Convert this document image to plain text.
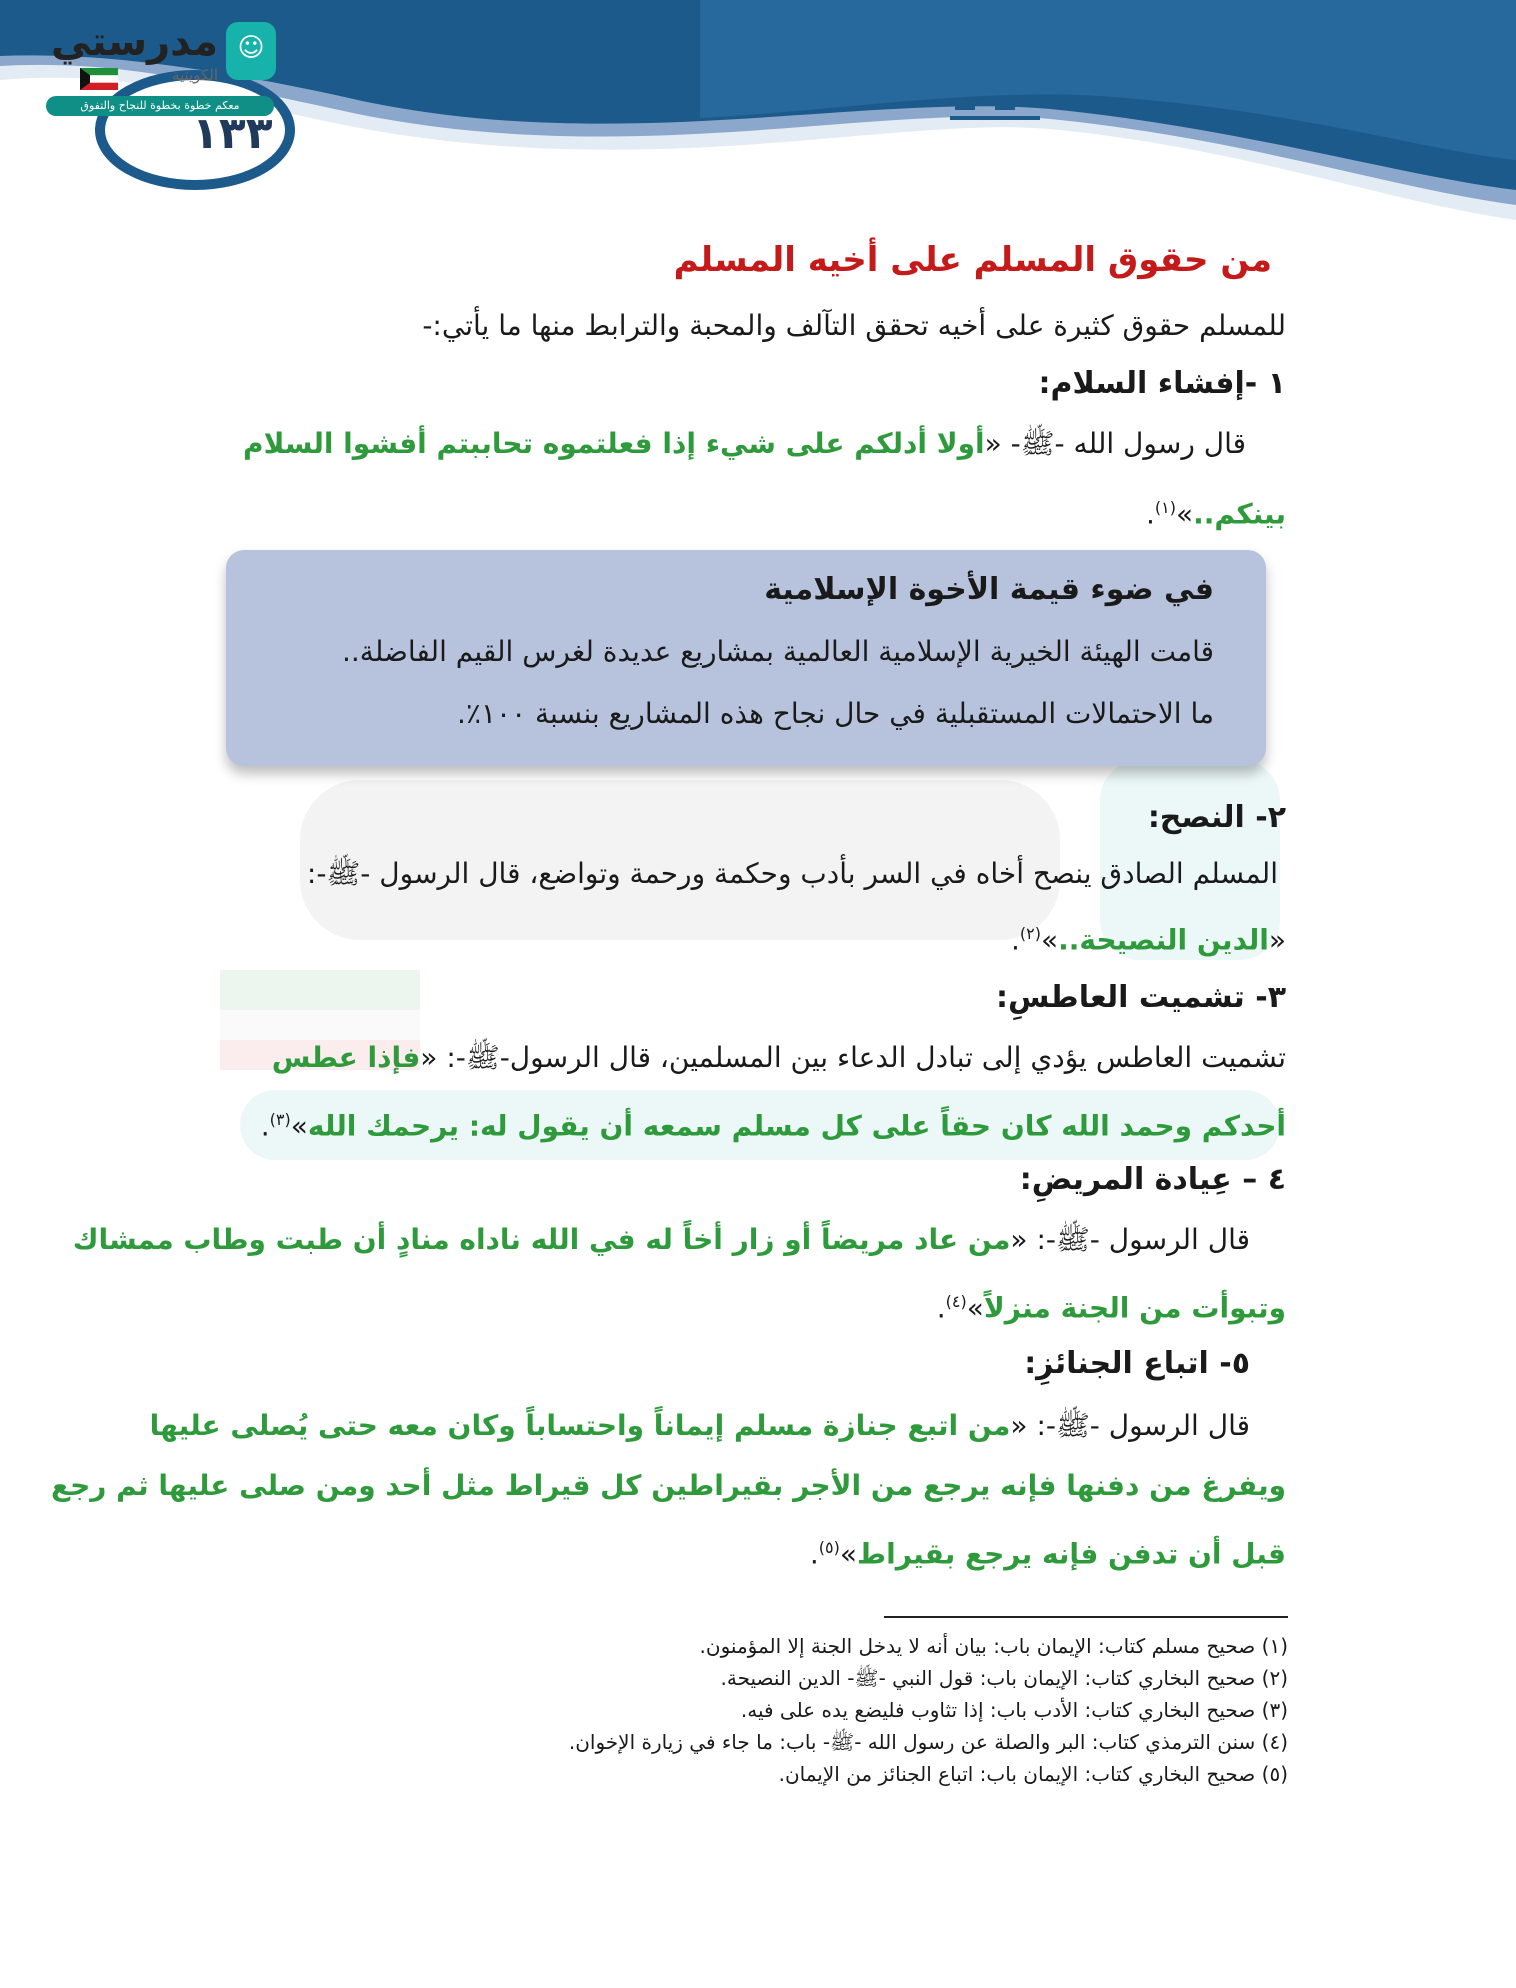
☺
مدرستي
الكويتية
معكم خطوة بخطوة للنجاح والتفوق
١٣٣
من حقوق المسلم على أخيه المسلم
للمسلم حقوق كثيرة على أخيه تحقق التآلف والمحبة والترابط منها ما يأتي:-
١ -إفشاء السلام:
قال رسول الله -ﷺ- «أولا أدلكم على شيء إذا فعلتموه تحاببتم أفشوا السلام
بينكم..»$^{(١)}$.
٢- النصح:
المسلم الصادق ينصح أخاه في السر بأدب وحكمة ورحمة وتواضع، قال الرسول -ﷺ-:
«الدين النصيحة..»$^{(٢)}$.
٣- تشميت العاطسِ:
تشميت العاطس يؤدي إلى تبادل الدعاء بين المسلمين، قال الرسول-ﷺ-: «فإذا عطس
أحدكم وحمد الله كان حقاً على كل مسلم سمعه أن يقول له: يرحمك الله»$^{(٣)}$.
٤ – عِيادة المريضِ:
قال الرسول -ﷺ-: «من عاد مريضاً أو زار أخاً له في الله ناداه منادٍ أن طبت وطاب ممشاك
وتبوأت من الجنة منزلاً»$^{(٤)}$.
٥- اتباع الجنائزِ:
قال الرسول -ﷺ-: «من اتبع جنازة مسلم إيماناً واحتساباً وكان معه حتى يُصلى عليها
ويفرغ من دفنها فإنه يرجع من الأجر بقيراطين كل قيراط مثل أحد ومن صلى عليها ثم رجع
قبل أن تدفن فإنه يرجع بقيراط»$^{(٥)}$.
في ضوء قيمة الأخوة الإسلامية
قامت الهيئة الخيرية الإسلامية العالمية بمشاريع عديدة لغرس القيم الفاضلة..
ما الاحتمالات المستقبلية في حال نجاح هذه المشاريع بنسبة ١٠٠٪.
(١) صحيح مسلم كتاب: الإيمان باب: بيان أنه لا يدخل الجنة إلا المؤمنون.
(٢) صحيح البخاري كتاب: الإيمان باب: قول النبي -ﷺ- الدين النصيحة.
(٣) صحيح البخاري كتاب: الأدب باب: إذا تثاوب فليضع يده على فيه.
(٤) سنن الترمذي كتاب: البر والصلة عن رسول الله -ﷺ- باب: ما جاء في زيارة الإخوان.
(٥) صحيح البخاري كتاب: الإيمان باب: اتباع الجنائز من الإيمان.
